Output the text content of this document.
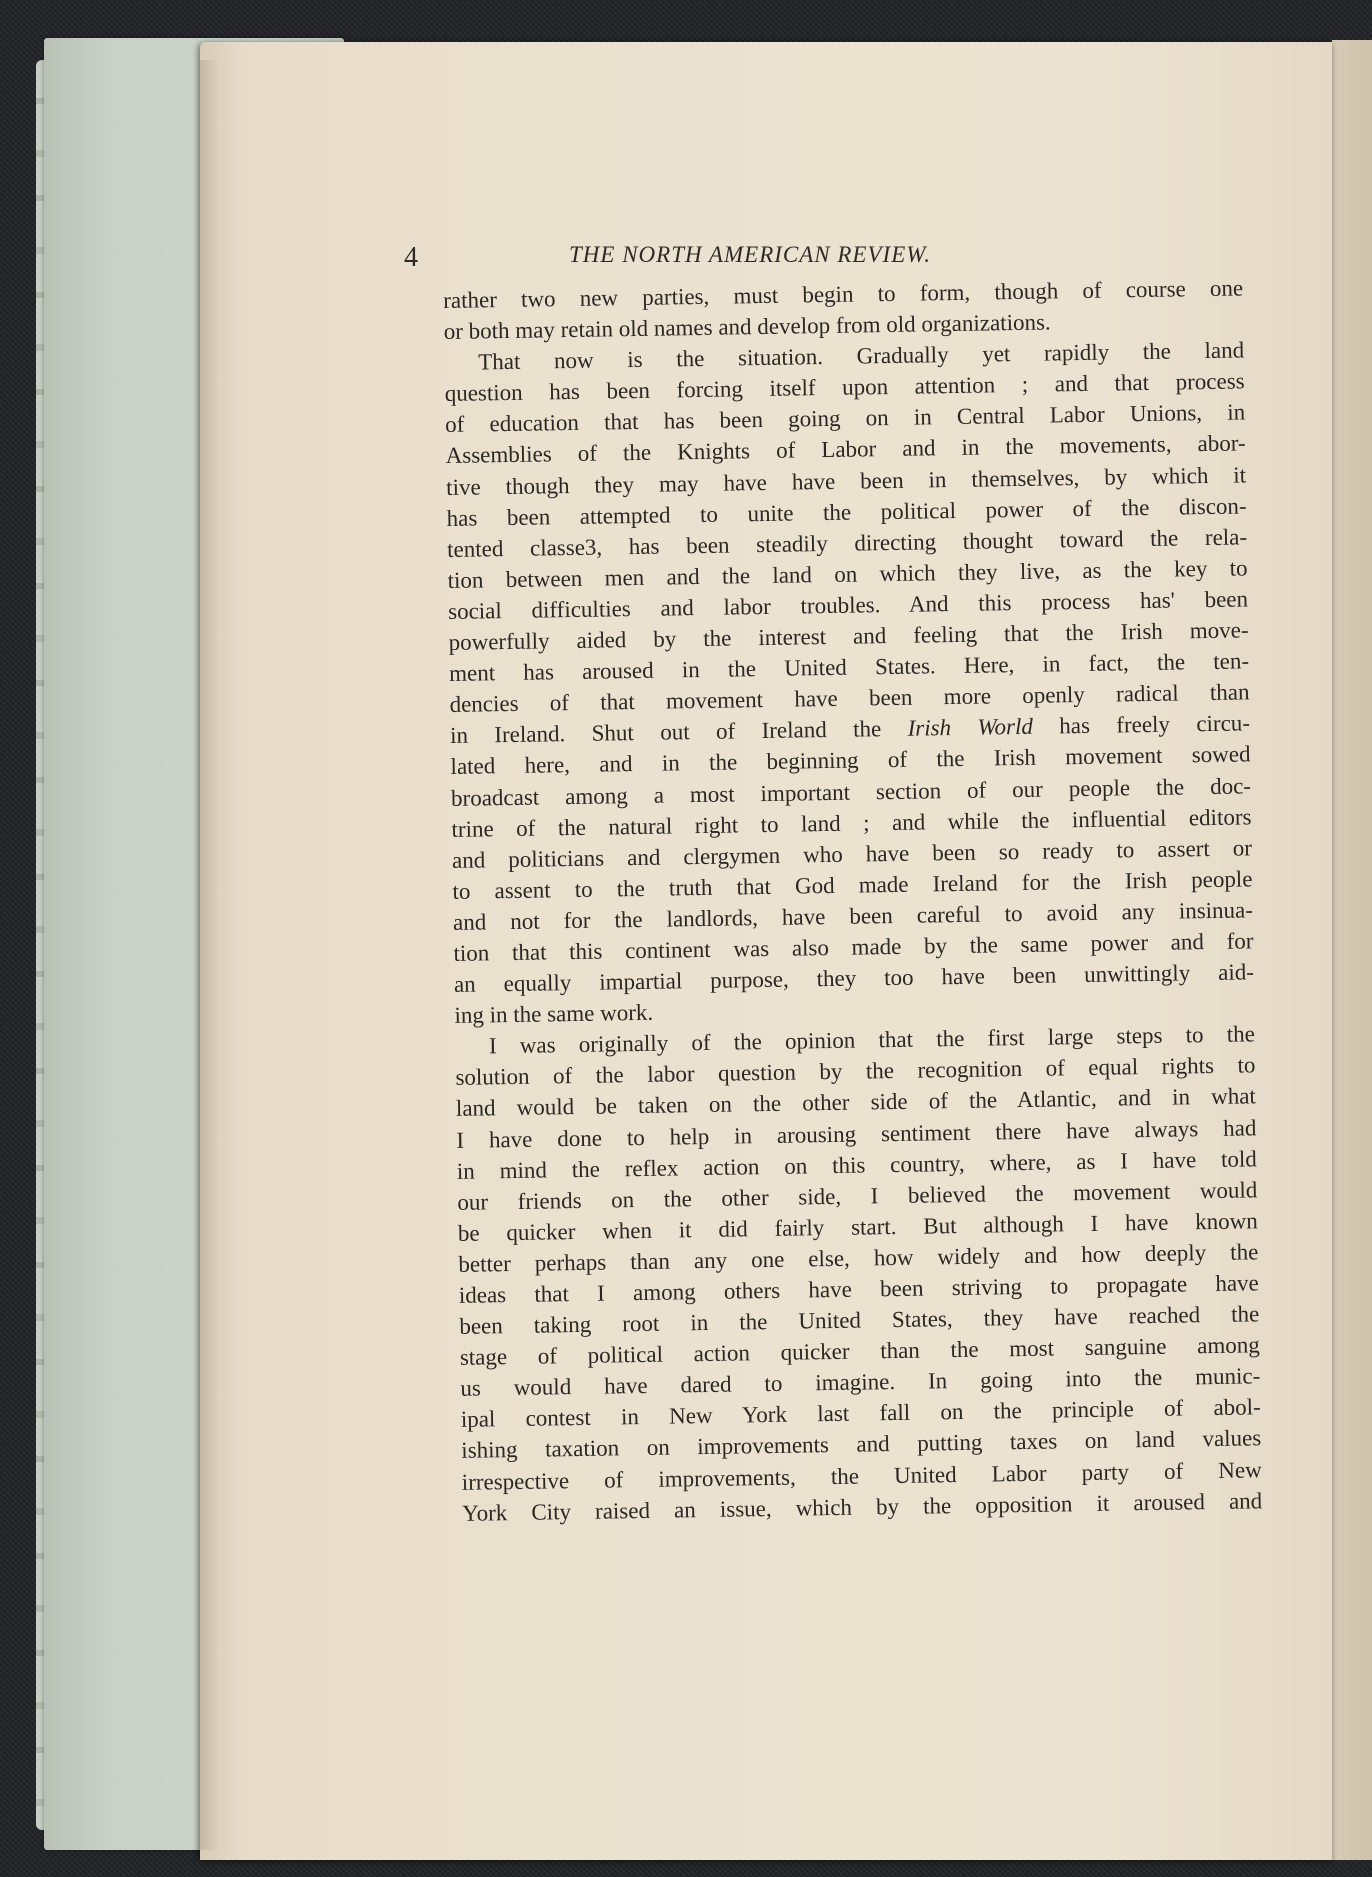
4	THE NORTH AMERICAN REVIEW.
rather two new parties, must begin to form, though of course one
or both may retain old names and develop from old organizations.
That now is the situation. Gradually yet rapidly the land
question has been forcing itself upon attention ; and that process
of education that has been going on in Central Labor Unions, in
Assemblies of the Knights of Labor and in the movements, abor-
tive though they may have have been in themselves, by which it
has been attempted to unite the political power of the discon-
tented classe3, has been steadily directing thought toward the rela-
tion between men and the land on which they live, as the key to
social difficulties and labor troubles. And this process has' been
powerfully aided by the interest and feeling that the Irish move-
ment has aroused in the United States. Here, in fact, the ten-
dencies of that movement have been more openly radical than
in Ireland. Shut out of Ireland the Irish World has freely circu-
lated here, and in the beginning of the Irish movement sowed
broadcast among a most important section of our people the doc-
trine of the natural right to land ; and while the influential editors
and politicians and clergymen who have been so ready to assert or
to assent to the truth that God made Ireland for the Irish people
and not for the landlords, have been careful to avoid any insinua-
tion that this continent was also made by the same power and for
an equally impartial purpose, they too have been unwittingly aid-
ing in the same work.
I was originally of the opinion that the first large steps to the
solution of the labor question by the recognition of equal rights to
land would be taken on the other side of the Atlantic, and in what
I have done to help in arousing sentiment there have always had
in mind the reflex action on this country, where, as I have told
our friends on the other side, I believed the movement would
be quicker when it did fairly start. But although I have known
better perhaps than any one else, how widely and how deeply the
ideas that I among others have been striving to propagate have
been taking root in the United States, they have reached the
stage of political action quicker than the most sanguine among
us would have dared to imagine. In going into the munic-
ipal contest in New York last fall on the principle of abol-
ishing taxation on improvements and putting taxes on land values
irrespective of improvements, the United Labor party of New
York City raised an issue, which by the opposition it aroused and
